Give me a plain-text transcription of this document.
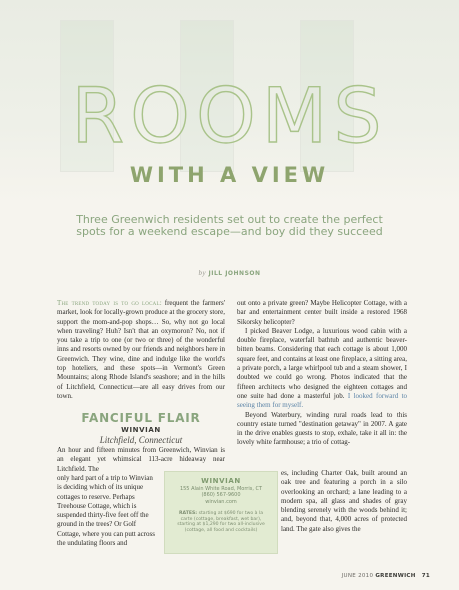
ROOMS
WITH A VIEW

Three Greenwich residents set out to create the perfect spots for a weekend escape—and boy did they succeed

by JILL JOHNSON

The trend today is to go local: frequent the farmers' market, look for locally-grown produce at the grocery store, support the mom-and-pop shops… So, why not go local when traveling? Huh? Isn't that an oxymoron? No, not if you take a trip to one (or two or three) of the wonderful inns and resorts owned by our friends and neighbors here in Greenwich. They wine, dine and indulge like the world's top hoteliers, and these spots—in Vermont's Green Mountains; along Rhode Island's seashore; and in the hills of Litchfield, Connecticut—are all easy drives from our town.

FANCIFUL FLAIR
WINVIAN
Litchfield, Connecticut

An hour and fifteen minutes from Greenwich, Winvian is an elegant yet whimsical 113-acre hideaway near Litchfield. The

only hard part of a trip to Winvian is deciding which of its unique cottages to reserve. Perhaps Treehouse Cottage, which is suspended thirty-five feet off the ground in the trees? Or Golf Cottage, where you can putt across the undulating floors and

WINVIAN
155 Alain White Road, Morris, CT
(860) 567-9600
winvian.com
RATES: starting at $690 for two à la carte (cottage, breakfast, wet bar), starting at $1,290 for two all-inclusive (cottage, all food and cocktails)

out onto a private green? Maybe Helicopter Cottage, with a bar and entertainment center built inside a restored 1968 Sikorsky helicopter?

I picked Beaver Lodge, a luxurious wood cabin with a double fireplace, waterfall bathtub and authentic beaver-bitten beams. Considering that each cottage is about 1,000 square feet, and contains at least one fireplace, a sitting area, a private porch, a large whirlpool tub and a steam shower, I doubted we could go wrong. Photos indicated that the fifteen architects who designed the eighteen cottages and one suite had done a masterful job. I looked forward to seeing them for myself.

Beyond Waterbury, winding rural roads lead to this country estate turned "destination getaway" in 2007. A gate in the drive enables guests to stop, exhale, take it all in: the lovely white farmhouse; a trio of cottag-

es, including Charter Oak, built around an oak tree and featuring a porch in a silo overlooking an orchard; a lane leading to a modern spa, all glass and shades of gray blending serenely with the woods behind it; and, beyond that, 4,000 acres of protected land. The gate also gives the

JUNE 2010 GREENWICH 71
